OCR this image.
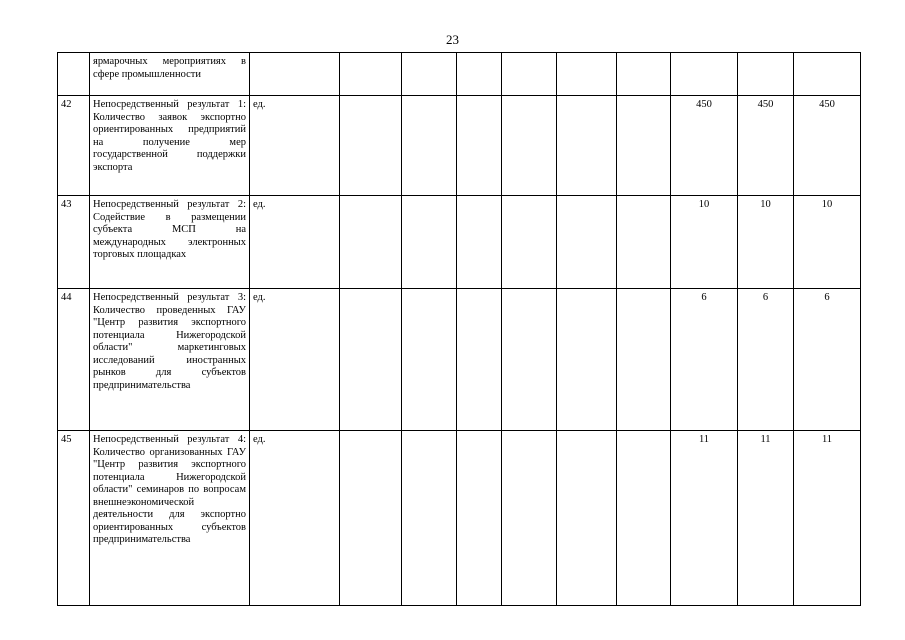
23
	ярмарочных мероприятиях в сфере промышленности										
42	Непосредственный результат 1: Количество заявок экспортно ориентированных предприятий на получение мер государственной поддержки экспорта	ед.							450	450	450
43	Непосредственный результат 2: Содействие в размещении субъекта МСП на международных электронных торговых площадках	ед.							10	10	10
44	Непосредственный результат 3: Количество проведенных ГАУ "Центр развития экспортного потенциала Нижегородской области" маркетинговых исследований иностранных рынков для субъектов предпринимательства	ед.							6	6	6
45	Непосредственный результат 4: Количество организованных ГАУ "Центр развития экспортного потенциала Нижегородской области" семинаров по вопросам внешнеэкономической деятельности для экспортно ориентированных субъектов предпринимательства	ед.							11	11	11
